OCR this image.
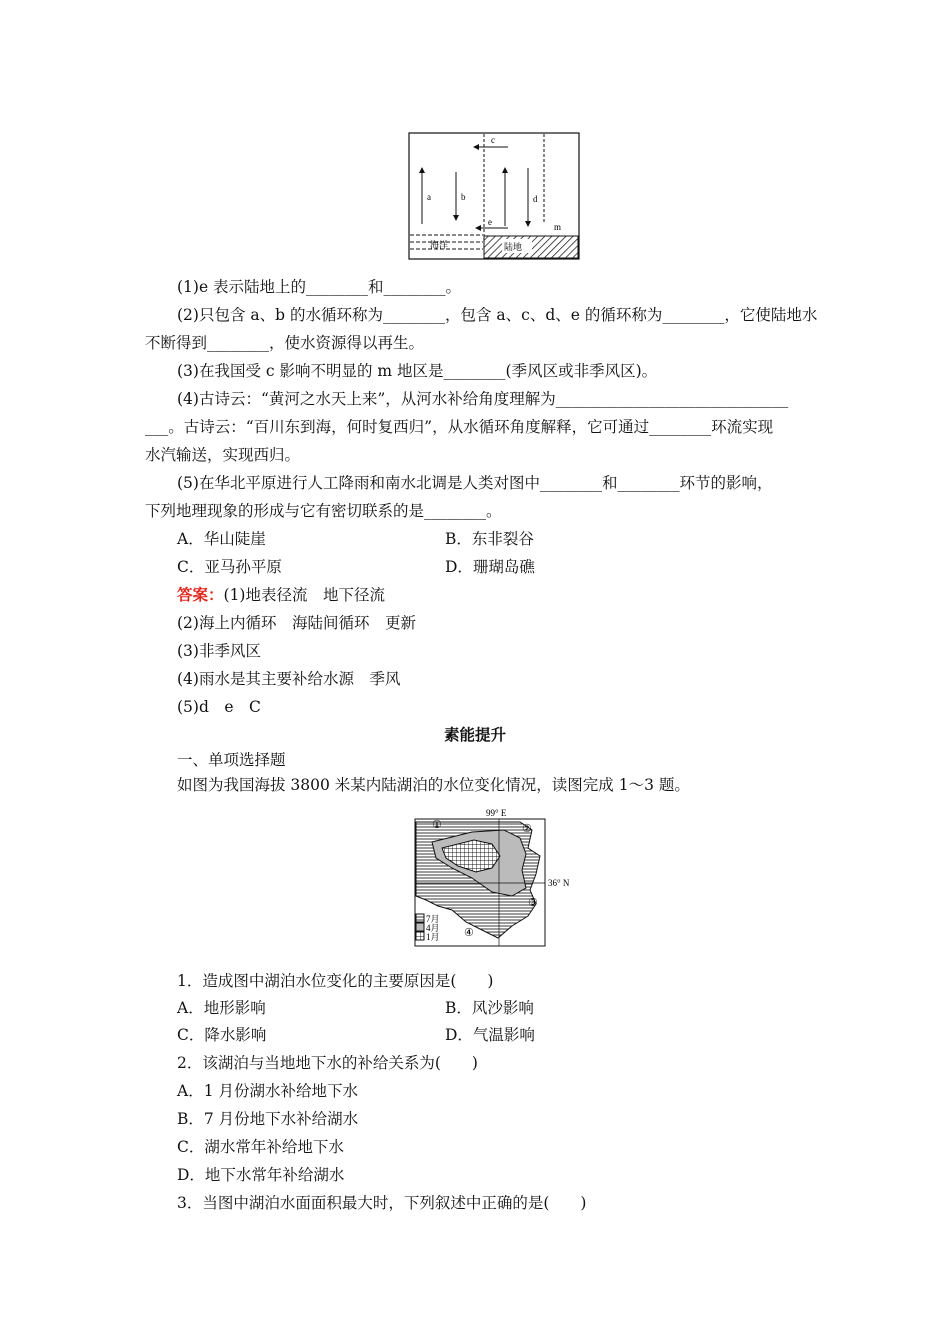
a	b
c
d
e	m
海洋	陆地
(1)e 表示陆地上的________和________。
(2)只包含 a、b 的水循环称为________，包含 a、c、d、e 的循环称为________，它使陆地水
不断得到________，使水资源得以再生。
(3)在我国受 c 影响不明显的 m 地区是________(季风区或非季风区)。
(4)古诗云：“黄河之水天上来”，从河水补给角度理解为______________________________
___。古诗云：“百川东到海，何时复西归”，从水循环角度解释，它可通过________环流实现
水汽输送，实现西归。
(5)在华北平原进行人工降雨和南水北调是人类对图中________和________环节的影响，
下列地理现象的形成与它有密切联系的是________。
A．华山陡崖	B．东非裂谷
C．亚马孙平原	D．珊瑚岛礁
答案：(1)地表径流　地下径流
(2)海上内循环　海陆间循环　更新
(3)非季风区
(4)雨水是其主要补给水源　季风
(5)d　e　C
素能提升
一、单项选择题
如图为我国海拔 3800 米某内陆湖泊的水位变化情况，读图完成 1～3 题。
99° E
36° N
①	②
③
④
7月
4月
1月
1．造成图中湖泊水位变化的主要原因是(　　)
A．地形影响	B．风沙影响
C．降水影响	D．气温影响
2．该湖泊与当地地下水的补给关系为(　　)
A．1 月份湖水补给地下水
B．7 月份地下水补给湖水
C．湖水常年补给地下水
D．地下水常年补给湖水
3．当图中湖泊水面面积最大时，下列叙述中正确的是(　　)
